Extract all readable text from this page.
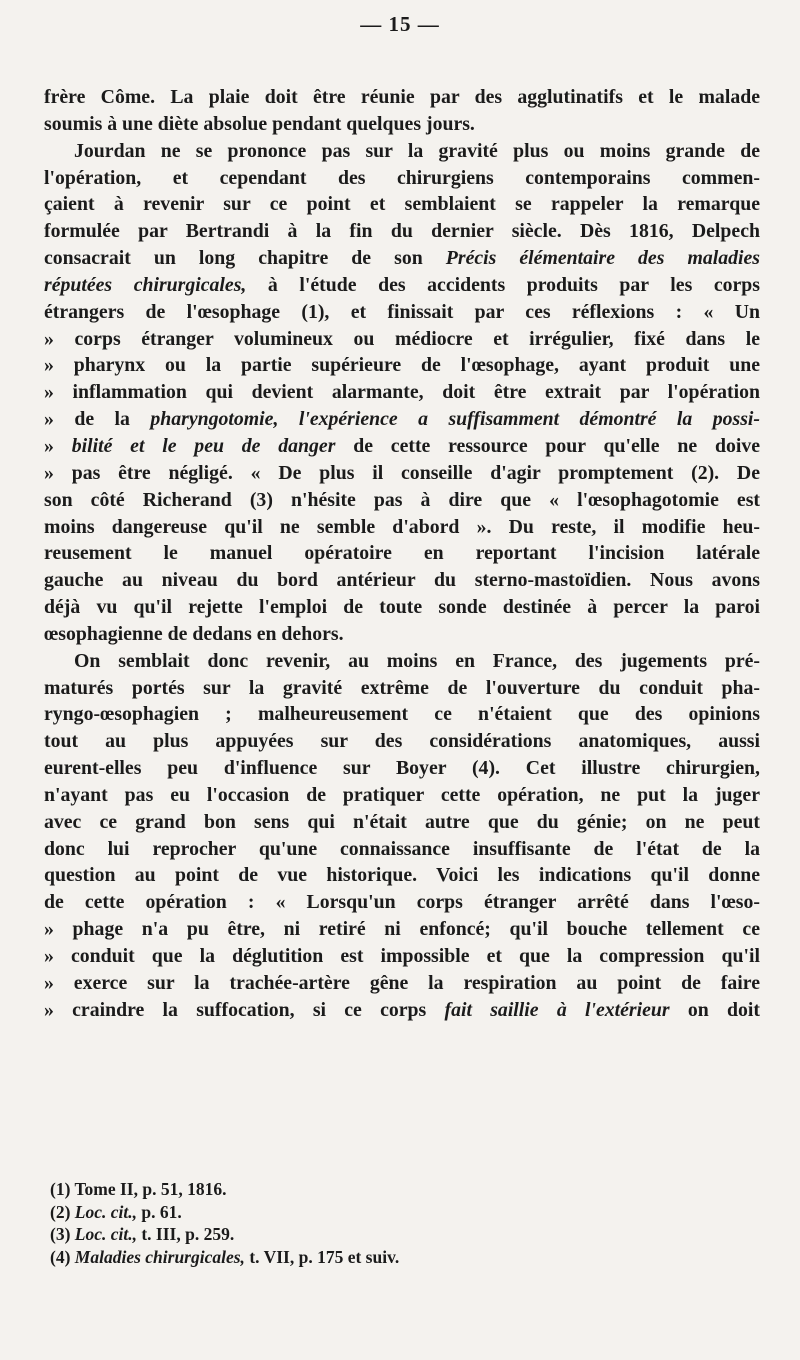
— 15 —
frère Côme. La plaie doit être réunie par des agglutinatifs et le malade
soumis à une diète absolue pendant quelques jours.
Jourdan ne se prononce pas sur la gravité plus ou moins grande de
l'opération, et cependant des chirurgiens contemporains commen-
çaient à revenir sur ce point et semblaient se rappeler la remarque
formulée par Bertrandi à la fin du dernier siècle. Dès 1816, Delpech
consacrait un long chapitre de son Précis élémentaire des maladies
réputées chirurgicales, à l'étude des accidents produits par les corps
étrangers de l'œsophage (1), et finissait par ces réflexions : « Un
» corps étranger volumineux ou médiocre et irrégulier, fixé dans le
» pharynx ou la partie supérieure de l'œsophage, ayant produit une
» inflammation qui devient alarmante, doit être extrait par l'opération
» de la pharyngotomie, l'expérience a suffisamment démontré la possi-
» bilité et le peu de danger de cette ressource pour qu'elle ne doive
» pas être négligé. « De plus il conseille d'agir promptement (2). De
son côté Richerand (3) n'hésite pas à dire que « l'œsophagotomie est
moins dangereuse qu'il ne semble d'abord ». Du reste, il modifie heu-
reusement le manuel opératoire en reportant l'incision latérale
gauche au niveau du bord antérieur du sterno-mastoïdien. Nous avons
déjà vu qu'il rejette l'emploi de toute sonde destinée à percer la paroi
œsophagienne de dedans en dehors.
On semblait donc revenir, au moins en France, des jugements pré-
maturés portés sur la gravité extrême de l'ouverture du conduit pha-
ryngo-œsophagien ; malheureusement ce n'étaient que des opinions
tout au plus appuyées sur des considérations anatomiques, aussi
eurent-elles peu d'influence sur Boyer (4). Cet illustre chirurgien,
n'ayant pas eu l'occasion de pratiquer cette opération, ne put la juger
avec ce grand bon sens qui n'était autre que du génie; on ne peut
donc lui reprocher qu'une connaissance insuffisante de l'état de la
question au point de vue historique. Voici les indications qu'il donne
de cette opération : « Lorsqu'un corps étranger arrêté dans l'œso-
» phage n'a pu être, ni retiré ni enfoncé; qu'il bouche tellement ce
» conduit que la déglutition est impossible et que la compression qu'il
» exerce sur la trachée-artère gêne la respiration au point de faire
» craindre la suffocation, si ce corps fait saillie à l'extérieur on doit
(1) Tome II, p. 51, 1816.
(2) Loc. cit., p. 61.
(3) Loc. cit., t. III, p. 259.
(4) Maladies chirurgicales, t. VII, p. 175 et suiv.
